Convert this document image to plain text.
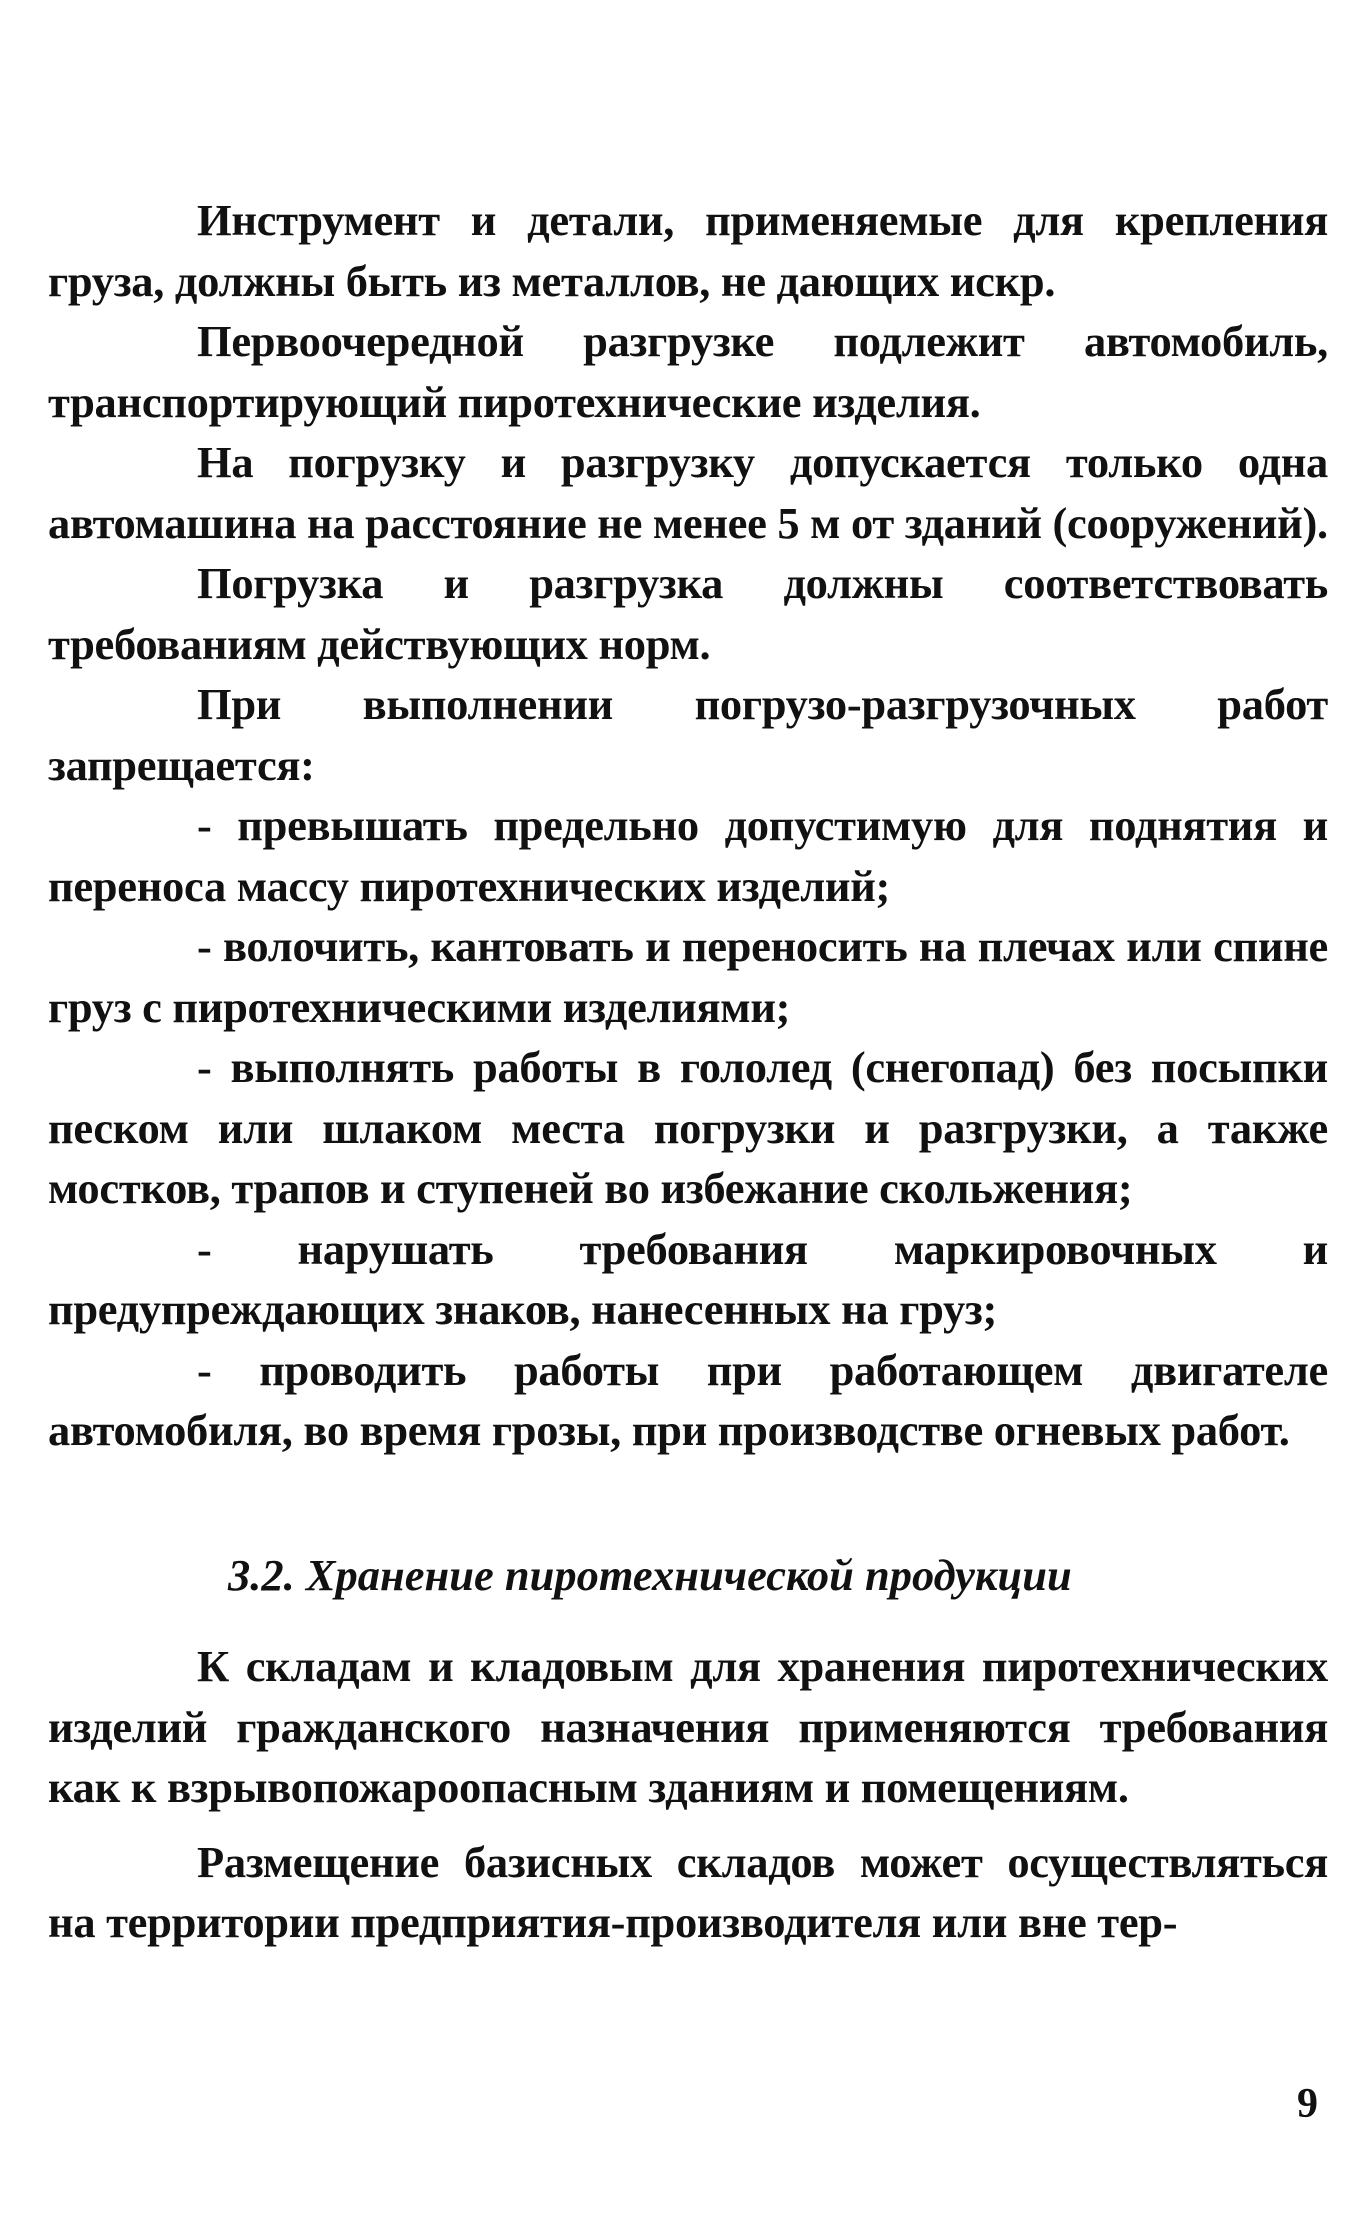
Инструмент и детали, применяемые для крепления груза, должны быть из металлов, не дающих искр.

Первоочередной разгрузке подлежит автомобиль, транспортирующий пиротехнические изделия.

На погрузку и разгрузку допускается только одна автомашина на расстояние не менее 5 м от зданий (сооружений).

Погрузка и разгрузка должны соответствовать требованиям действующих норм.

При выполнении погрузо-разгрузочных работ запрещается:

- превышать предельно допустимую для поднятия и переноса массу пиротехнических изделий;

- волочить, кантовать и переносить на плечах или спине груз с пиротехническими изделиями;

- выполнять работы в гололед (снегопад) без посыпки песком или шлаком места погрузки и разгрузки, а также мостков, трапов и ступеней во избежание скольжения;

- нарушать требования маркировочных и предупреждающих знаков, нанесенных на груз;

- проводить работы при работающем двигателе автомобиля, во время грозы, при производстве огневых работ.

3.2. Хранение пиротехнической продукции

К складам и кладовым для хранения пиротехнических изделий гражданского назначения применяются требования как к взрывопожароопасным зданиям и помещениям.

Размещение базисных складов может осуществляться на территории предприятия-производителя или вне тер-

9
